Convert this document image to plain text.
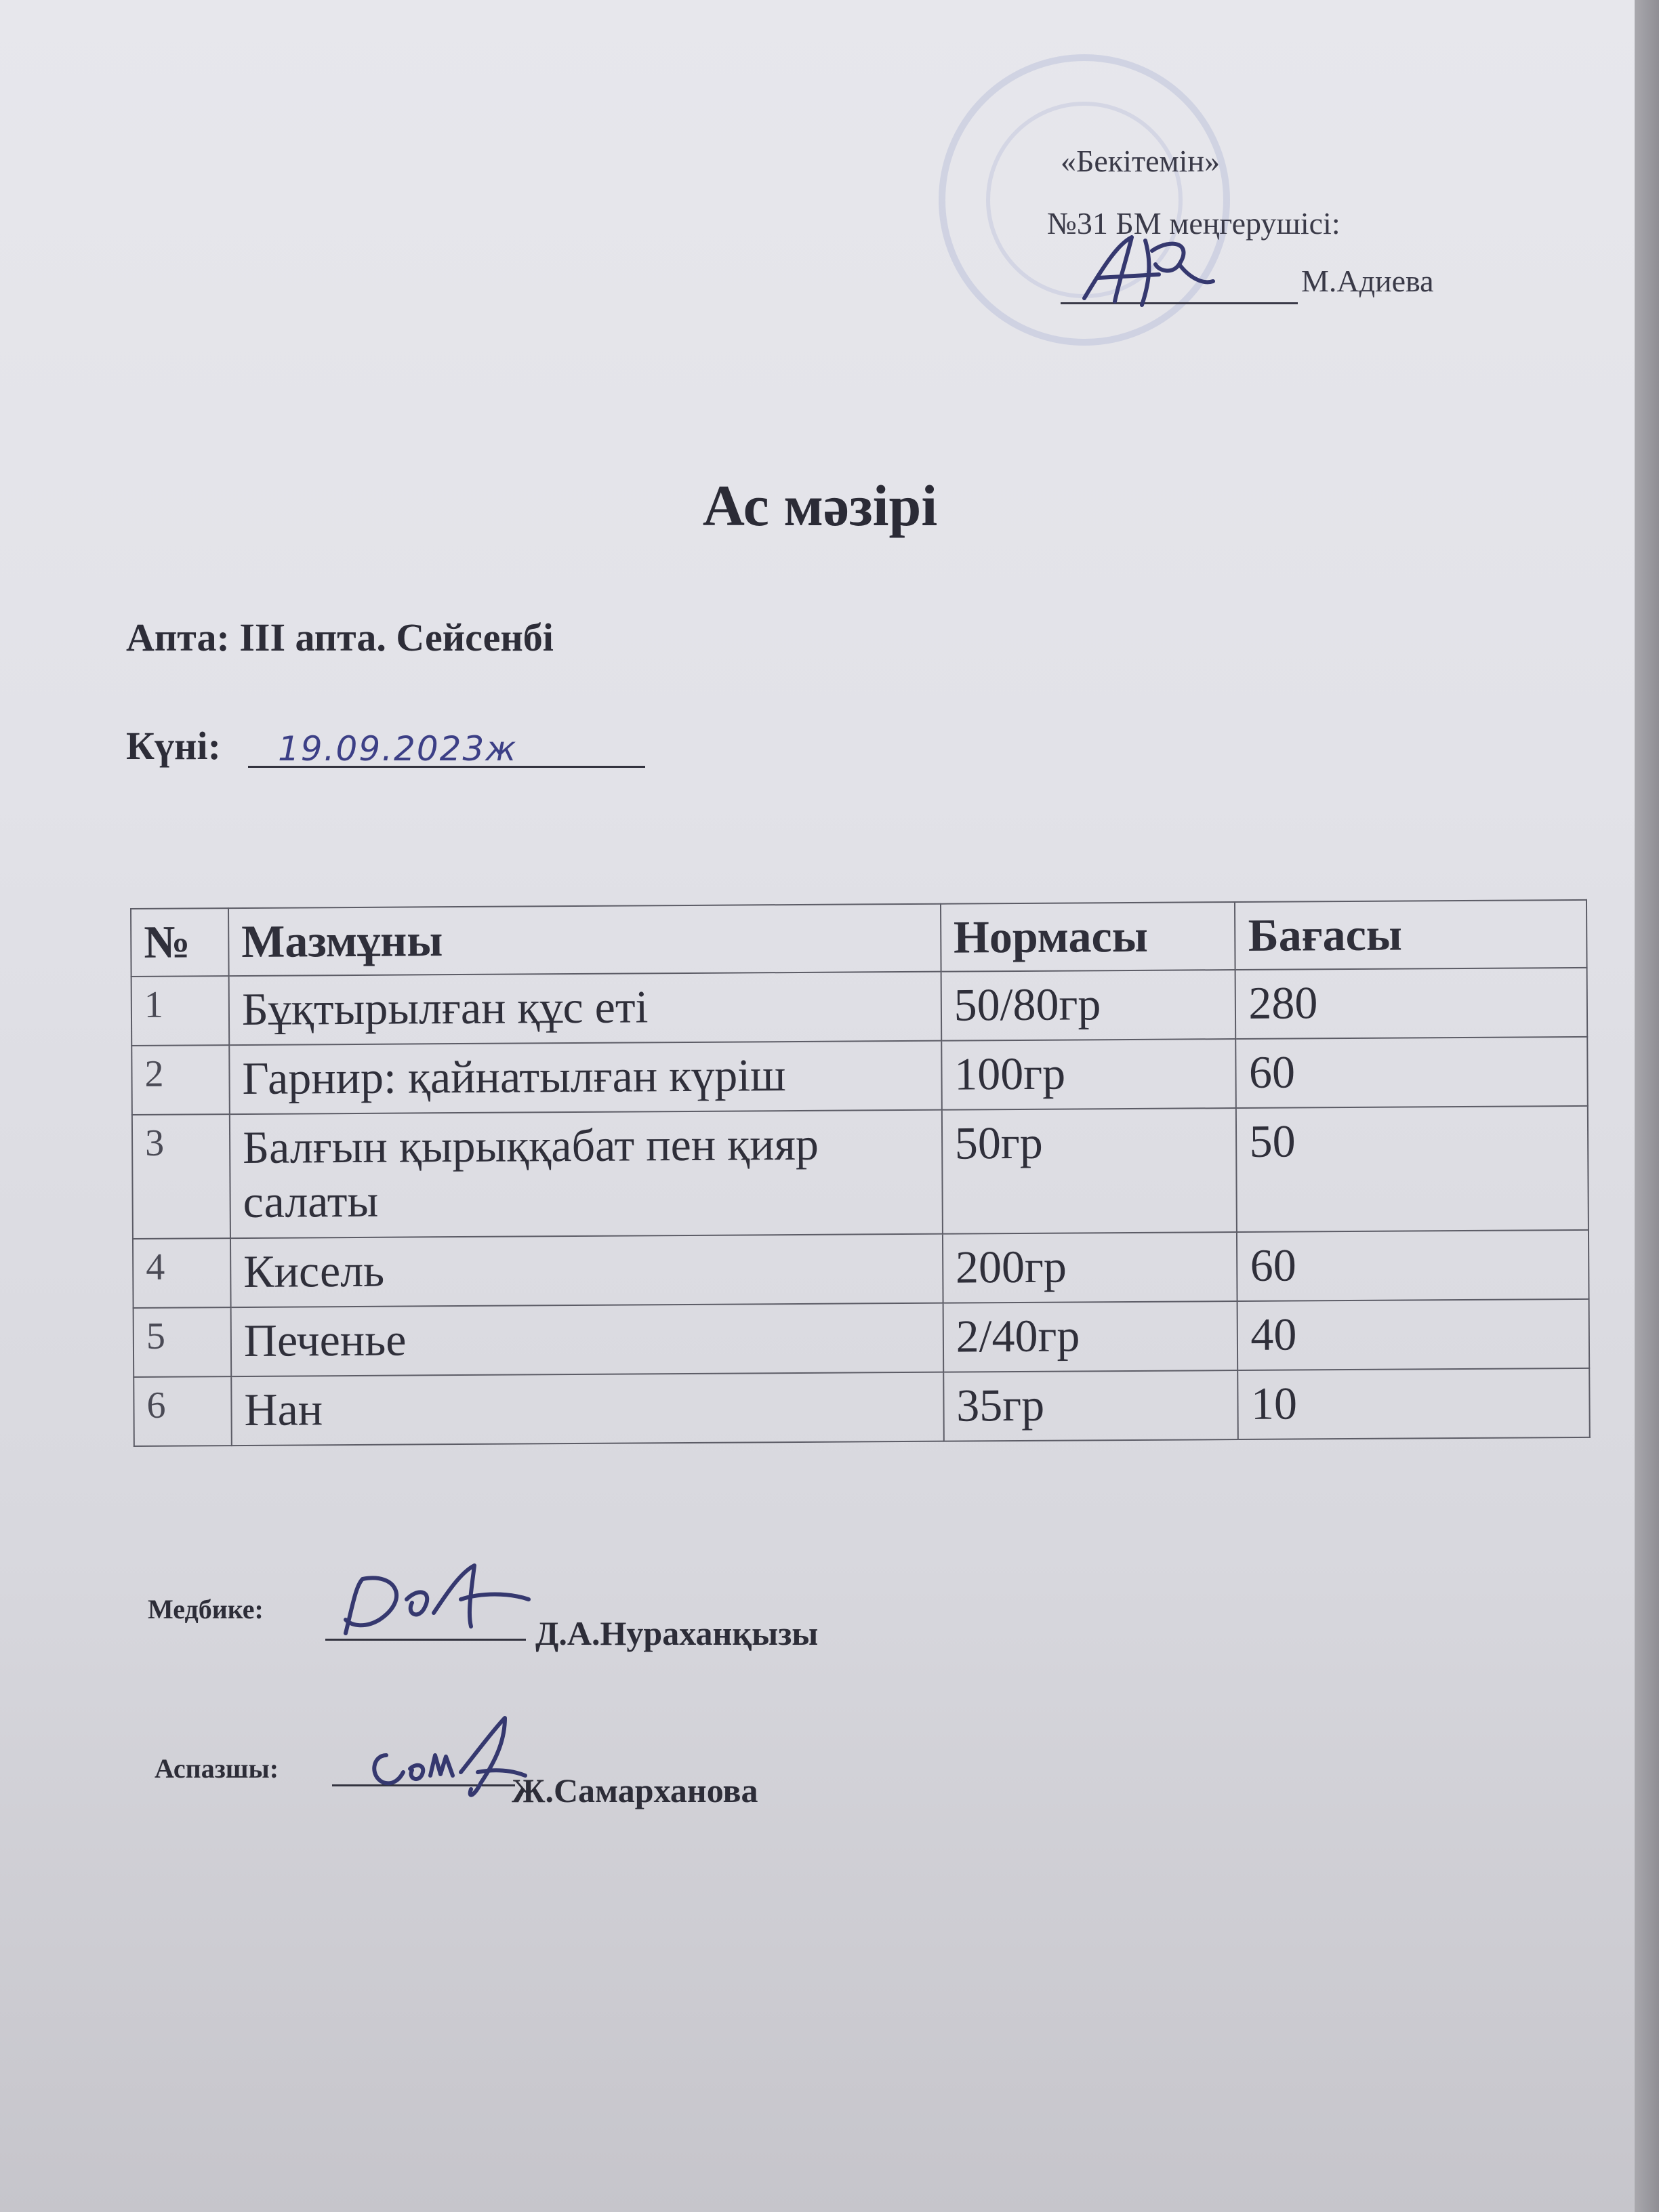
«Бекітемін»
№31 БМ меңгерушісі:
М.Адиева
Ас мәзірі
Апта: III апта. Сейсенбі
Күні: 19.09.2023ж
№	Мазмұны	Нормасы	Бағасы
1	Бұқтырылған құс еті	50/80гр	280
2	Гарнир: қайнатылған күріш	100гр	60
3	Балғын қырыққабат пен қияр салаты	50гр	50
4	Кисель	200гр	60
5	Печенье	2/40гр	40
6	Нан	35гр	10
Медбике:
Д.А.Нураханқызы
Аспазшы:
Ж.Самарханова
